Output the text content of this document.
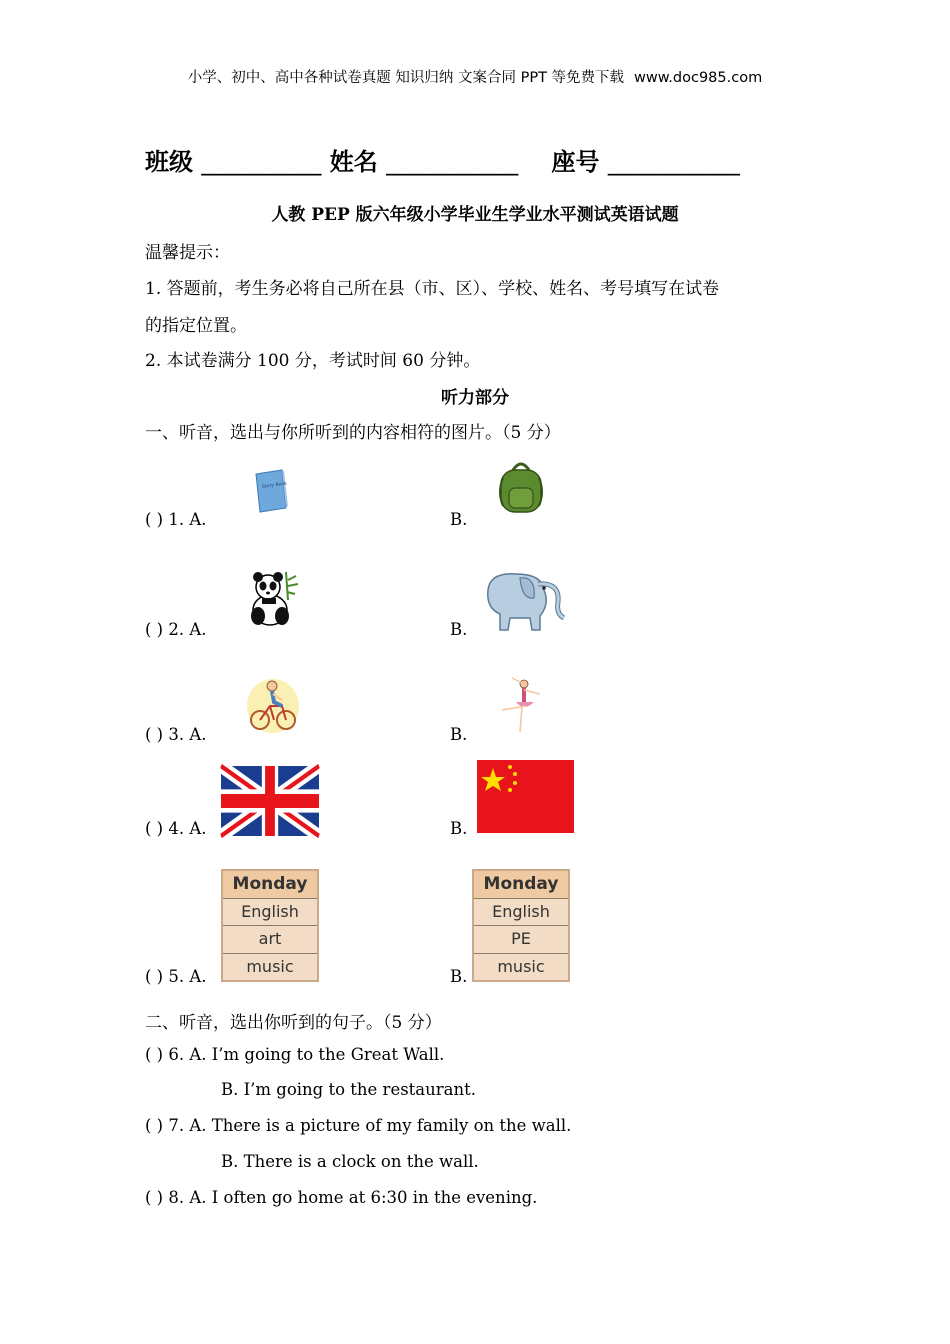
小学、初中、高中各种试卷真题 知识归纳 文案合同 PPT 等免费下载 www.doc985.com
班级 __________ 姓名 ___________ 座号 ___________
人教 PEP 版六年级小学毕业生学业水平测试英语试题
温馨提示：
1. 答题前，考生务必将自己所在县（市、区）、学校、姓名、考号填写在试卷
的指定位置。
2. 本试卷满分 100 分，考试时间 60 分钟。
听力部分
一、听音，选出与你所听到的内容相符的图片。（5 分）
( ) 1. A.	B.
Story Book
( ) 2. A.	B.
( ) 3. A.	B.
( ) 4. A.	B.
( ) 5. A.	B.
Monday
English
art
music
Monday
English
PE
music
二、听音，选出你听到的句子。（5 分）
( ) 6. A. I’m going to the Great Wall.
B. I’m going to the restaurant.
( ) 7. A. There is a picture of my family on the wall.
B. There is a clock on the wall.
( ) 8. A. I often go home at 6:30 in the evening.
